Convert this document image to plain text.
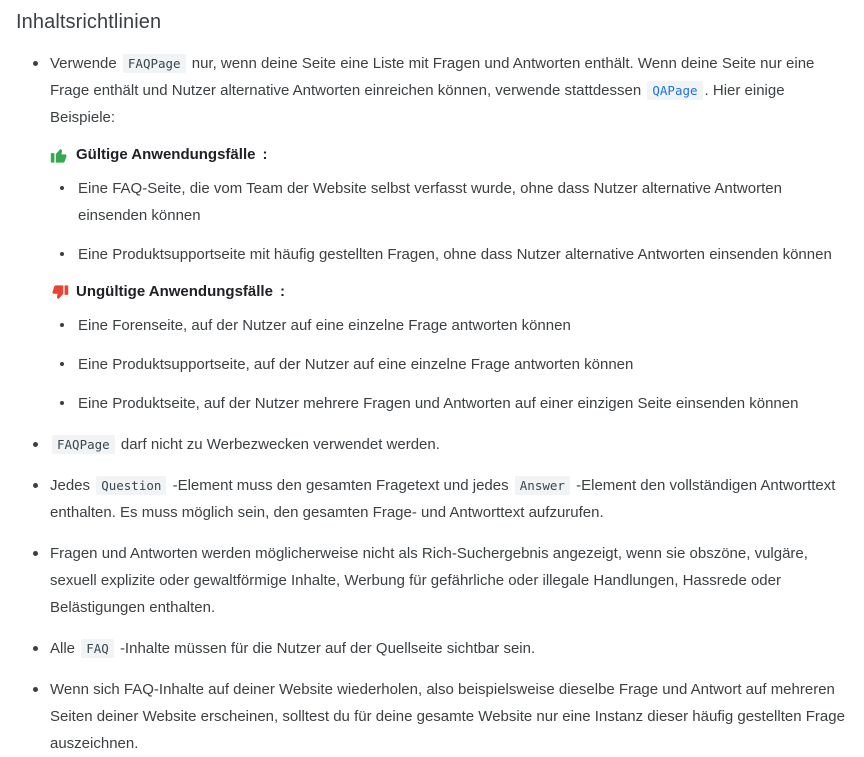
Inhaltsrichtlinien
Verwende FAQPage nur, wenn deine Seite eine Liste mit Fragen und Antworten enthält. Wenn deine Seite nur eine Frage enthält und Nutzer alternative Antworten einreichen können, verwende stattdessen QAPage . Hier einige Beispiele:

Gültige Anwendungsfälle :

Eine FAQ-Seite, die vom Team der Website selbst verfasst wurde, ohne dass Nutzer alternative Antworten einsenden können
Eine Produktsupportseite mit häufig gestellten Fragen, ohne dass Nutzer alternative Antworten einsenden können

Ungültige Anwendungsfälle :

Eine Forenseite, auf der Nutzer auf eine einzelne Frage antworten können
Eine Produktsupportseite, auf der Nutzer auf eine einzelne Frage antworten können
Eine Produktseite, auf der Nutzer mehrere Fragen und Antworten auf einer einzigen Seite einsenden können
FAQPage darf nicht zu Werbezwecken verwendet werden.
Jedes Question -Element muss den gesamten Fragetext und jedes Answer -Element den vollständigen Antworttext enthalten. Es muss möglich sein, den gesamten Frage- und Antworttext aufzurufen.
Fragen und Antworten werden möglicherweise nicht als Rich-Suchergebnis angezeigt, wenn sie obszöne, vulgäre, sexuell explizite oder gewaltförmige Inhalte, Werbung für gefährliche oder illegale Handlungen, Hassrede oder Belästigungen enthalten.
Alle FAQ -Inhalte müssen für die Nutzer auf der Quellseite sichtbar sein.
Wenn sich FAQ-Inhalte auf deiner Website wiederholen, also beispielsweise dieselbe Frage und Antwort auf mehreren Seiten deiner Website erscheinen, solltest du für deine gesamte Website nur eine Instanz dieser häufig gestellten Frage auszeichnen.
